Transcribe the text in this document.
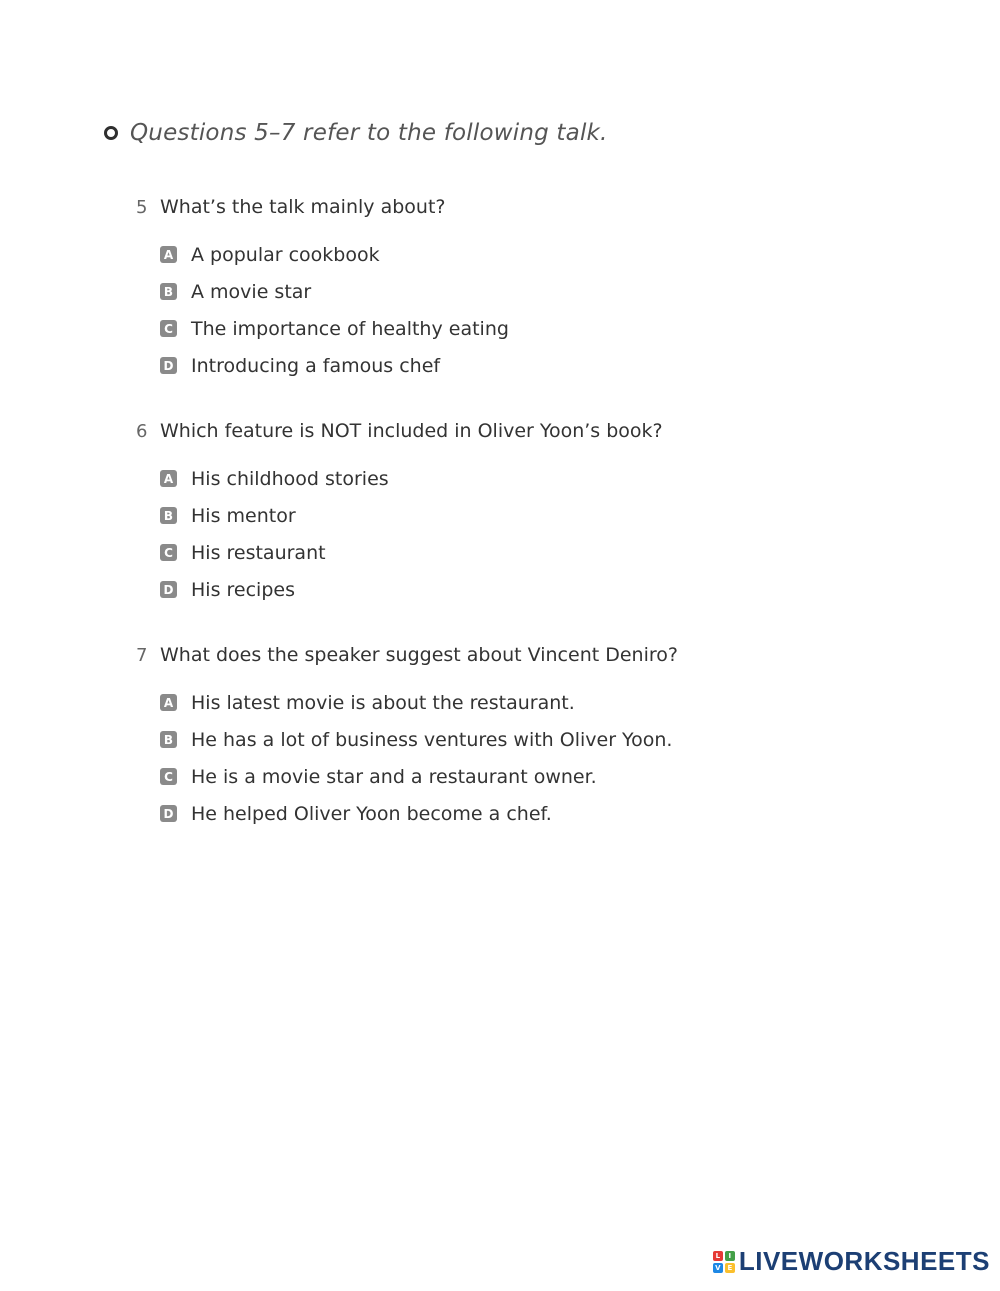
Questions 5–7 refer to the following talk.
5 What’s the talk mainly about?
A A popular cookbook
B A movie star
C The importance of healthy eating
D Introducing a famous chef
6 Which feature is NOT included in Oliver Yoon’s book?
A His childhood stories
B His mentor
C His restaurant
D His recipes
7 What does the speaker suggest about Vincent Deniro?
A His latest movie is about the restaurant.
B He has a lot of business ventures with Oliver Yoon.
C He is a movie star and a restaurant owner.
D He helped Oliver Yoon become a chef.
L	I
V E LIVEWORKSHEETS
